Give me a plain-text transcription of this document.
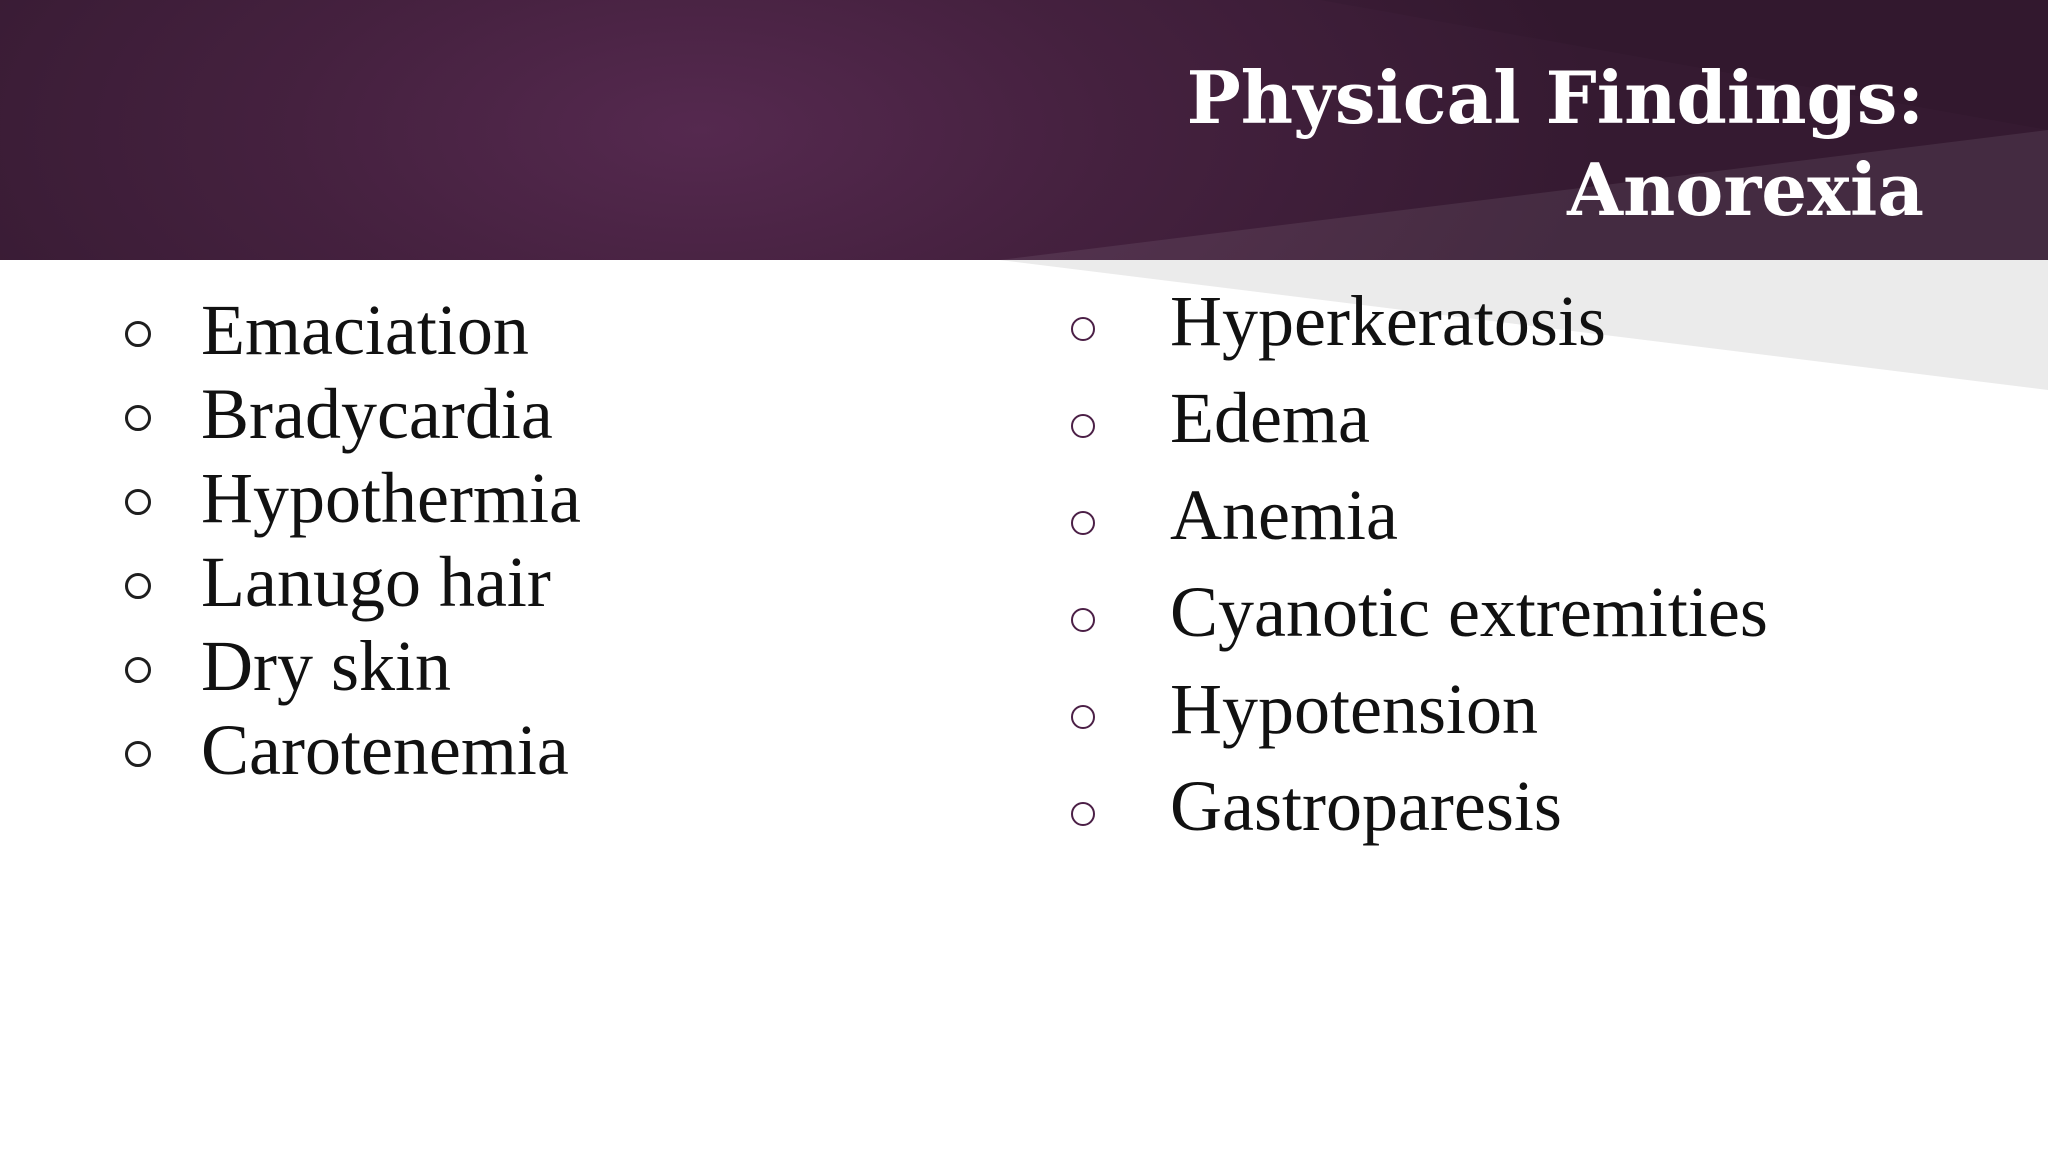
Physical Findings:
Anorexia
Emaciation
Bradycardia
Hypothermia
Lanugo hair
Dry skin
Carotenemia
Hyperkeratosis
Edema
Anemia
Cyanotic extremities
Hypotension
Gastroparesis
